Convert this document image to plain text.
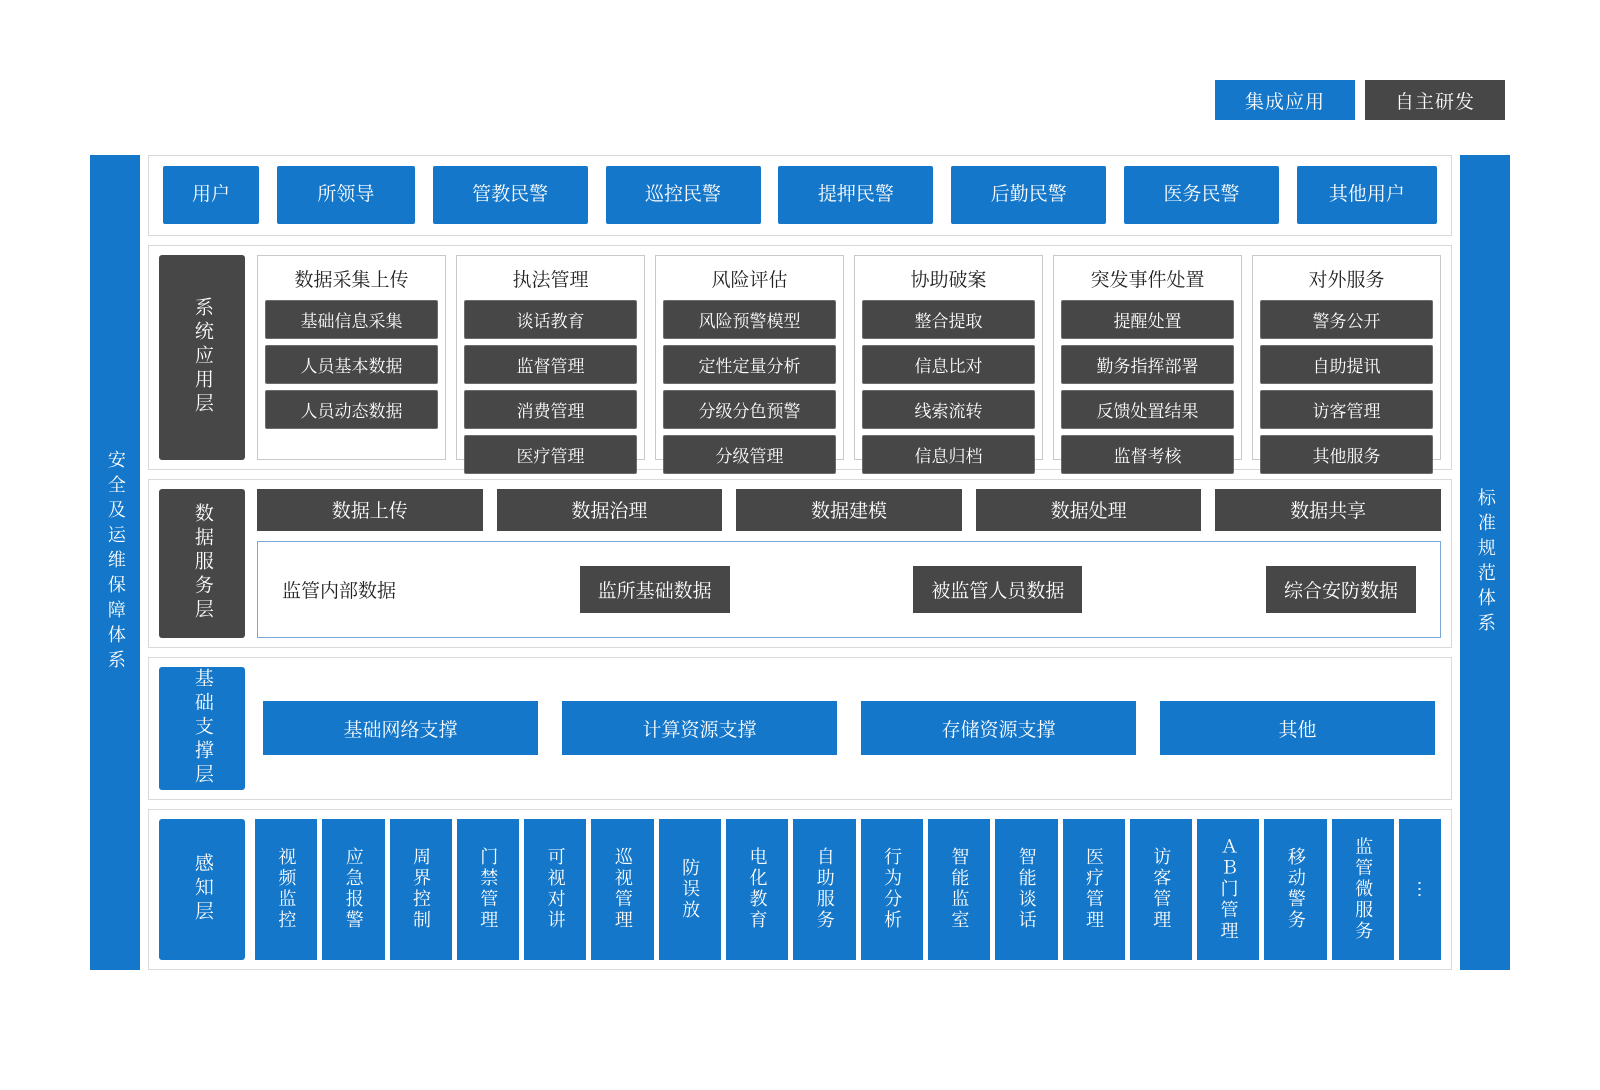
集成应用	自主研发
安全及运维保障体系
用户	所领导	管教民警	巡控民警	提押民警	后勤民警	医务民警	其他用户
系统应用层
数据采集上传
基础信息采集
人员基本数据
人员动态数据
执法管理
谈话教育
监督管理
消费管理
医疗管理
风险评估
风险预警模型
定性定量分析
分级分色预警
分级管理
协助破案
整合提取
信息比对
线索流转
信息归档
突发事件处置
提醒处置
勤务指挥部署
反馈处置结果
监督考核
对外服务
警务公开
自助提讯
访客管理
其他服务
数据服务层	数据上传	数据治理	数据建模	数据处理	数据共享
监管内部数据	监所基础数据	被监管人员数据	综合安防数据
基础支撑层	基础网络支撑	计算资源支撑	存储资源支撑	其他
感知层	视频监控	应急报警	周界控制	门禁管理	可视对讲	巡视管理	防误放	电化教育	自助服务	行为分析	智能监室	智能谈话	医疗管理	访客管理	ＡＢ门管理	移动警务	监管微服务 ···
标准规范体系
